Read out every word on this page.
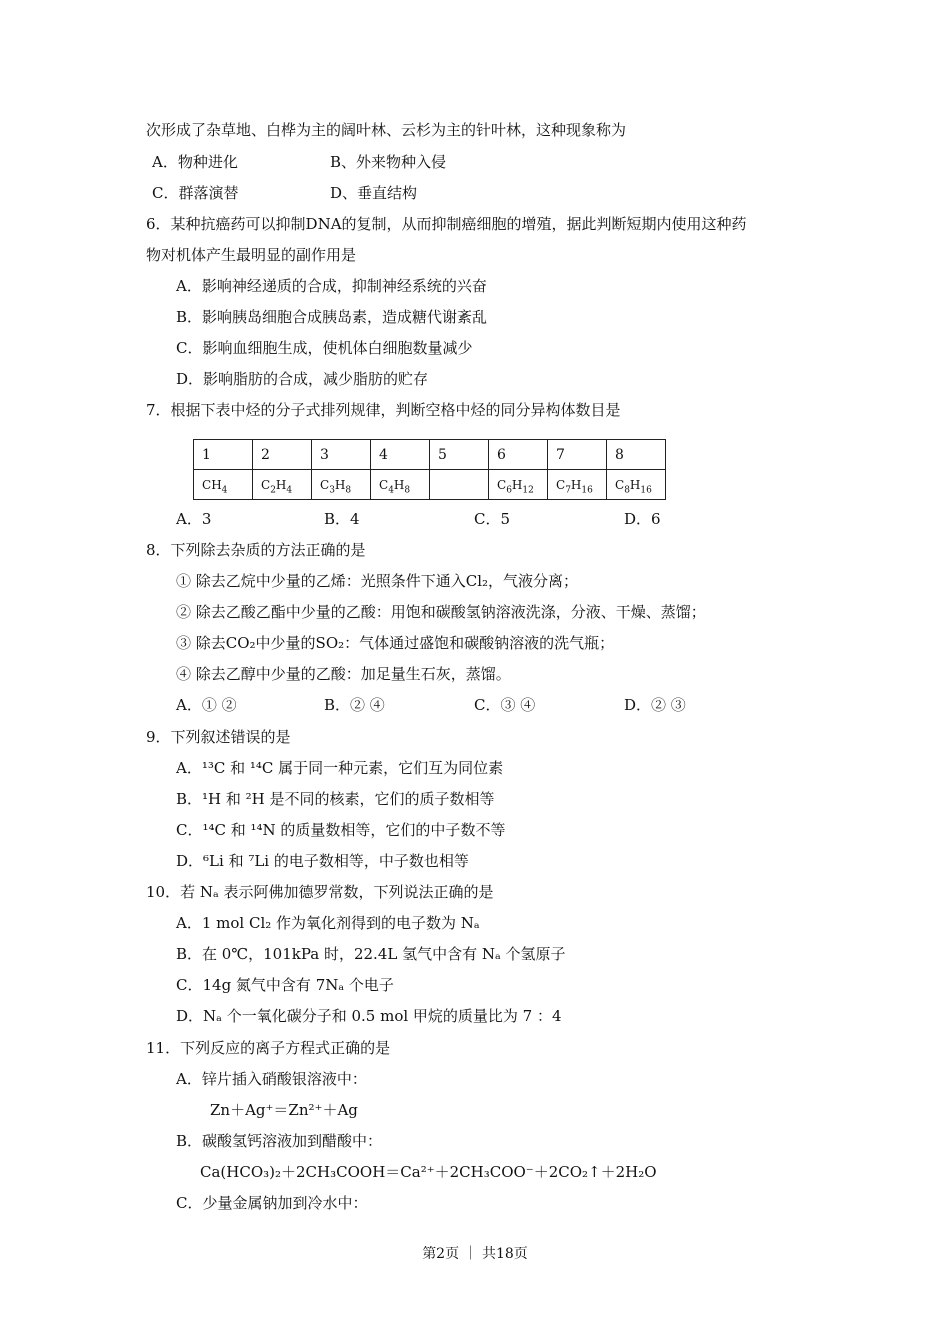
次形成了杂草地、白桦为主的阔叶林、云杉为主的针叶林，这种现象称为
A．物种进化	B、外来物种入侵
C．群落演替	D、垂直结构
6．某种抗癌药可以抑制DNA的复制，从而抑制癌细胞的增殖，据此判断短期内使用这种药
物对机体产生最明显的副作用是
A．影响神经递质的合成，抑制神经系统的兴奋
B．影响胰岛细胞合成胰岛素，造成糖代谢紊乱
C．影响血细胞生成，使机体白细胞数量减少
D．影响脂肪的合成，减少脂肪的贮存
7．根据下表中烃的分子式排列规律，判断空格中烃的同分异构体数目是
1	2	3	4	5	6	7	8
$CH_4$	$C_2H_4$	$C_3H_8$	$C_4H_8$		$C_6H_{12}$	$C_7H_{16}$	$C_8H_{16}$
A．3	B．4	C．5	D．6
8．下列除去杂质的方法正确的是
① 除去乙烷中少量的乙烯：光照条件下通入Cl₂，气液分离；
② 除去乙酸乙酯中少量的乙酸：用饱和碳酸氢钠溶液洗涤，分液、干燥、蒸馏；
③ 除去CO₂中少量的SO₂：气体通过盛饱和碳酸钠溶液的洗气瓶；
④ 除去乙醇中少量的乙酸：加足量生石灰，蒸馏。
A．① ②	B．② ④	C．③ ④	D．② ③
9．下列叙述错误的是
A．¹³C 和 ¹⁴C 属于同一种元素，它们互为同位素
B．¹H 和 ²H 是不同的核素，它们的质子数相等
C．¹⁴C 和 ¹⁴N 的质量数相等，它们的中子数不等
D．⁶Li 和 ⁷Li 的电子数相等，中子数也相等
10．若 Nₐ 表示阿佛加德罗常数，下列说法正确的是
A．1 mol Cl₂ 作为氧化剂得到的电子数为 Nₐ
B．在 0℃，101kPa 时，22.4L 氢气中含有 Nₐ 个氢原子
C．14g 氮气中含有 7Nₐ 个电子
D．Nₐ 个一氧化碳分子和 0.5 mol 甲烷的质量比为 7 ：4
11．下列反应的离子方程式正确的是
A．锌片插入硝酸银溶液中：
Zn＋Ag⁺＝Zn²⁺＋Ag
B．碳酸氢钙溶液加到醋酸中：
Ca(HCO₃)₂＋2CH₃COOH＝Ca²⁺＋2CH₃COO⁻＋2CO₂↑＋2H₂O
C．少量金属钠加到冷水中：
第2页 ｜ 共18页
